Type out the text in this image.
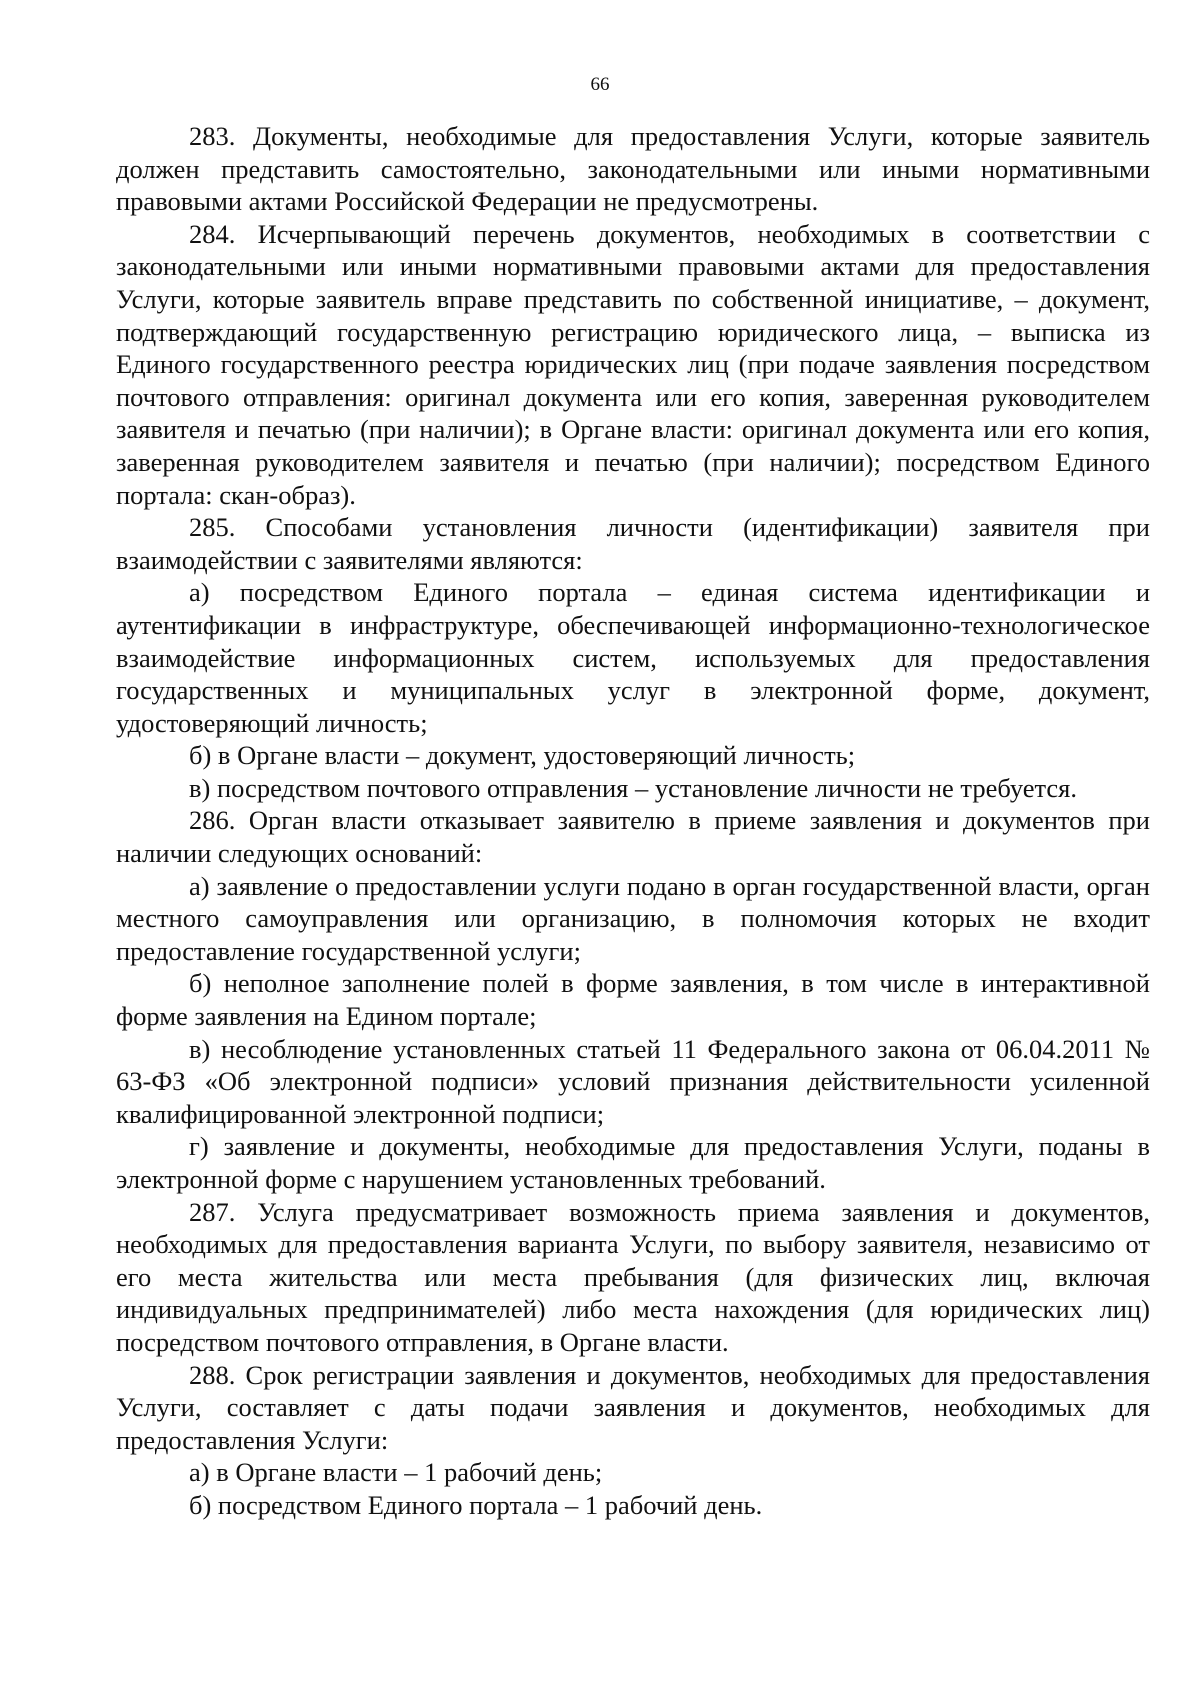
66

283. Документы, необходимые для предоставления Услуги, которые заявитель должен представить самостоятельно, законодательными или иными нормативными правовыми актами Российской Федерации не предусмотрены.

284. Исчерпывающий перечень документов, необходимых в соответствии с законодательными или иными нормативными правовыми актами для предоставления Услуги, которые заявитель вправе представить по собственной инициативе, – документ, подтверждающий государственную регистрацию юридического лица, – выписка из Единого государственного реестра юридических лиц (при подаче заявления посредством почтового отправления: оригинал документа или его копия, заверенная руководителем заявителя и печатью (при наличии); в Органе власти: оригинал документа или его копия, заверенная руководителем заявителя и печатью (при наличии); посредством Единого портала: скан-образ).

285. Способами установления личности (идентификации) заявителя при взаимодействии с заявителями являются:

а) посредством Единого портала – единая система идентификации и аутентификации в инфраструктуре, обеспечивающей информационно-технологическое взаимодействие информационных систем, используемых для предоставления государственных и муниципальных услуг в электронной форме, документ, удостоверяющий личность;

б) в Органе власти – документ, удостоверяющий личность;

в) посредством почтового отправления – установление личности не требуется.

286. Орган власти отказывает заявителю в приеме заявления и документов при наличии следующих оснований:

а) заявление о предоставлении услуги подано в орган государственной власти, орган местного самоуправления или организацию, в полномочия которых не входит предоставление государственной услуги;

б) неполное заполнение полей в форме заявления, в том числе в интерактивной форме заявления на Едином портале;

в) несоблюдение установленных статьей 11 Федерального закона от 06.04.2011 № 63-ФЗ «Об электронной подписи» условий признания действительности усиленной квалифицированной электронной подписи;

г) заявление и документы, необходимые для предоставления Услуги, поданы в электронной форме с нарушением установленных требований.

287. Услуга предусматривает возможность приема заявления и документов, необходимых для предоставления варианта Услуги, по выбору заявителя, независимо от его места жительства или места пребывания (для физических лиц, включая индивидуальных предпринимателей) либо места нахождения (для юридических лиц) посредством почтового отправления, в Органе власти.

288. Срок регистрации заявления и документов, необходимых для предоставления Услуги, составляет с даты подачи заявления и документов, необходимых для предоставления Услуги:

а) в Органе власти – 1 рабочий день;

б) посредством Единого портала – 1 рабочий день.
